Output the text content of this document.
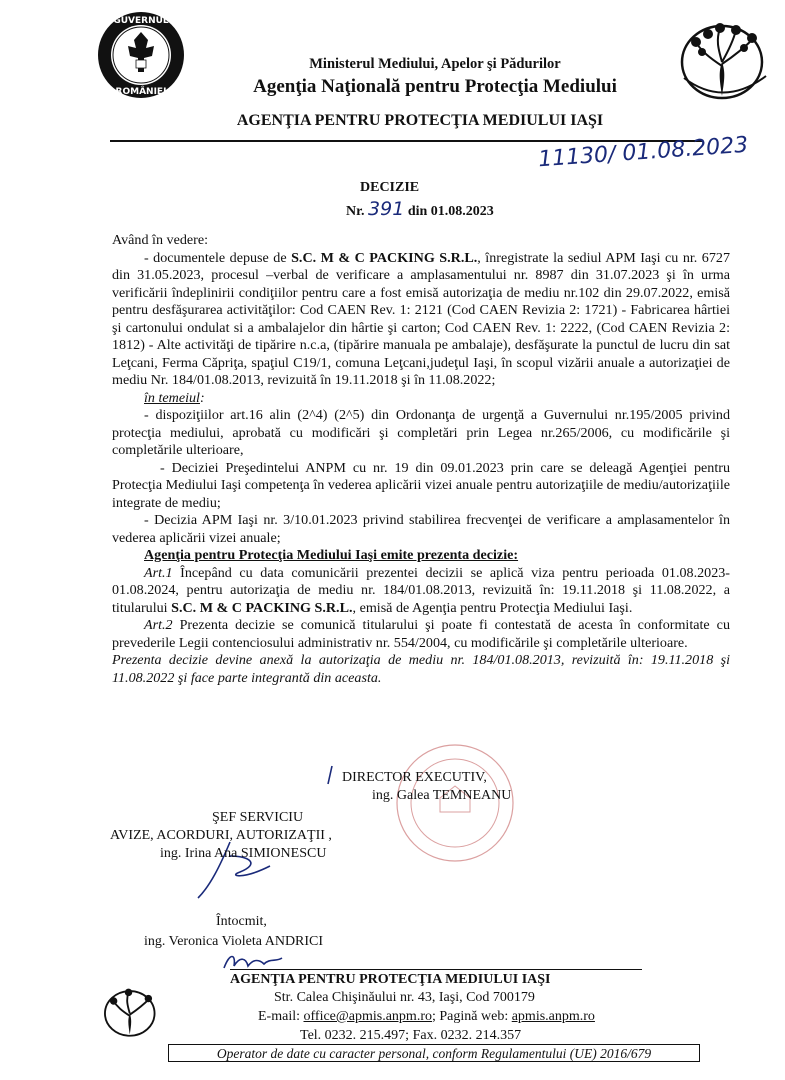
GUVERNUL
ROMÂNIEI
Ministerul Mediului, Apelor şi Pădurilor
Agenţia Naţională pentru Protecţia Mediului
AGENŢIA PENTRU PROTECŢIA MEDIULUI IAŞI
11130/ 01.08.2023
DECIZIE
Nr. 391 din 01.08.2023

Având în vedere:

- documentele depuse de S.C. M & C PACKING S.R.L., înregistrate la sediul APM Iaşi cu nr. 6727 din 31.05.2023, procesul –verbal de verificare a amplasamentului nr. 8987 din 31.07.2023 şi în urma verificării îndeplinirii condiţiilor pentru care a fost emisă autorizaţia de mediu nr.102 din 29.07.2022, emisă pentru desfăşurarea activităţilor: Cod CAEN Rev. 1: 2121 (Cod CAEN Revizia 2: 1721) - Fabricarea hârtiei şi cartonului ondulat si a ambalajelor din hârtie şi carton; Cod CAEN Rev. 1: 2222, (Cod CAEN Revizia 2: 1812) - Alte activităţi de tipărire n.c.a, (tipărire manuala pe ambalaje), desfăşurate la punctul de lucru din sat Leţcani, Ferma Căpriţa, spaţiul C19/1, comuna Leţcani,judeţul Iaşi, în scopul vizării anuale a autorizaţiei de mediu Nr. 184/01.08.2013, revizuită în 19.11.2018 şi în 11.08.2022;

în temeiul:

- dispoziţiilor art.16 alin (2^4) (2^5) din Ordonanţa de urgenţă a Guvernului nr.195/2005 privind protecţia mediului, aprobată cu modificări şi completări prin Legea nr.265/2006, cu modificările şi completările ulterioare,

- Deciziei Preşedintelui ANPM cu nr. 19 din 09.01.2023 prin care se deleagă Agenţiei pentru Protecţia Mediului Iaşi competenţa în vederea aplicării vizei anuale pentru autorizaţiile de mediu/autorizaţiile integrate de mediu;

- Decizia APM Iaşi nr. 3/10.01.2023 privind stabilirea frecvenţei de verificare a amplasamentelor în vederea aplicării vizei anuale;

Agenţia pentru Protecţia Mediului Iaşi emite prezenta decizie:

Art.1 Începând cu data comunicării prezentei decizii se aplică viza pentru perioada 01.08.2023-01.08.2024, pentru autorizaţia de mediu nr. 184/01.08.2013, revizuită în: 19.11.2018 şi 11.08.2022, a titularului S.C. M & C PACKING S.R.L., emisă de Agenţia pentru Protecţia Mediului Iaşi.

Art.2 Prezenta decizie se comunică titularului şi poate fi contestată de acesta în conformitate cu prevederile Legii contenciosului administrativ nr. 554/2004, cu modificările şi completările ulterioare.

Prezenta decizie devine anexă la autorizaţia de mediu nr. 184/01.08.2013, revizuită în: 19.11.2018 şi 11.08.2022 şi face parte integrantă din aceasta.

DIRECTOR EXECUTIV,
ing. Galea TEMNEANU
ŞEF SERVICIU
AVIZE, ACORDURI, AUTORIZAŢII ,
ing. Irina Ana SIMIONESCU
Întocmit,
ing. Veronica Violeta ANDRICI
AGENŢIA PENTRU PROTECŢIA MEDIULUI IAŞI
Str. Calea Chişinăului nr. 43, Iaşi, Cod 700179
E-mail: office@apmis.anpm.ro; Pagină web: apmis.anpm.ro
Tel. 0232. 215.497; Fax. 0232. 214.357
Operator de date cu caracter personal, conform Regulamentului (UE) 2016/679
